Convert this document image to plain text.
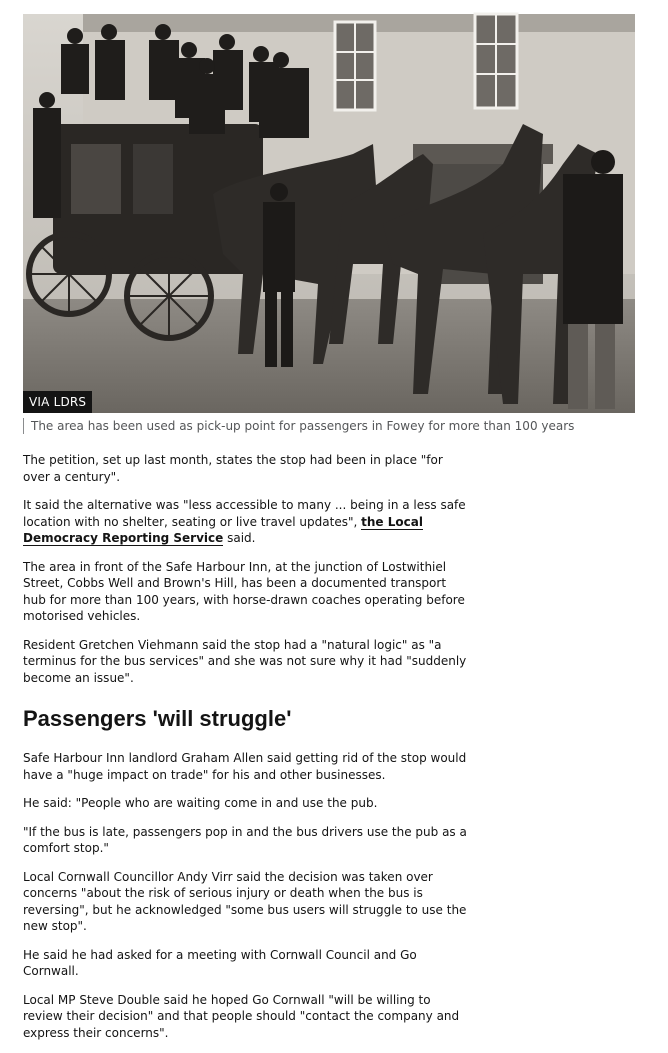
VIA LDRS
The area has been used as pick-up point for passengers in Fowey for more than 100 years

The petition, set up last month, states the stop had been in place "for over a century".

It said the alternative was "less accessible to many ... being in a less safe location with no shelter, seating or live travel updates", the Local Democracy Reporting Service said.

The area in front of the Safe Harbour Inn, at the junction of Lostwithiel Street, Cobbs Well and Brown's Hill, has been a documented transport hub for more than 100 years, with horse-drawn coaches operating before motorised vehicles.

Resident Gretchen Viehmann said the stop had a "natural logic" as "a terminus for the bus services" and she was not sure why it had "suddenly become an issue".

Passengers 'will struggle'

Safe Harbour Inn landlord Graham Allen said getting rid of the stop would have a "huge impact on trade" for his and other businesses.

He said: "People who are waiting come in and use the pub.

"If the bus is late, passengers pop in and the bus drivers use the pub as a comfort stop."

Local Cornwall Councillor Andy Virr said the decision was taken over concerns "about the risk of serious injury or death when the bus is reversing", but he acknowledged "some bus users will struggle to use the new stop".

He said he had asked for a meeting with Cornwall Council and Go Cornwall.

Local MP Steve Double said he hoped Go Cornwall "will be willing to review their decision" and that people should "contact the company and express their concerns".
